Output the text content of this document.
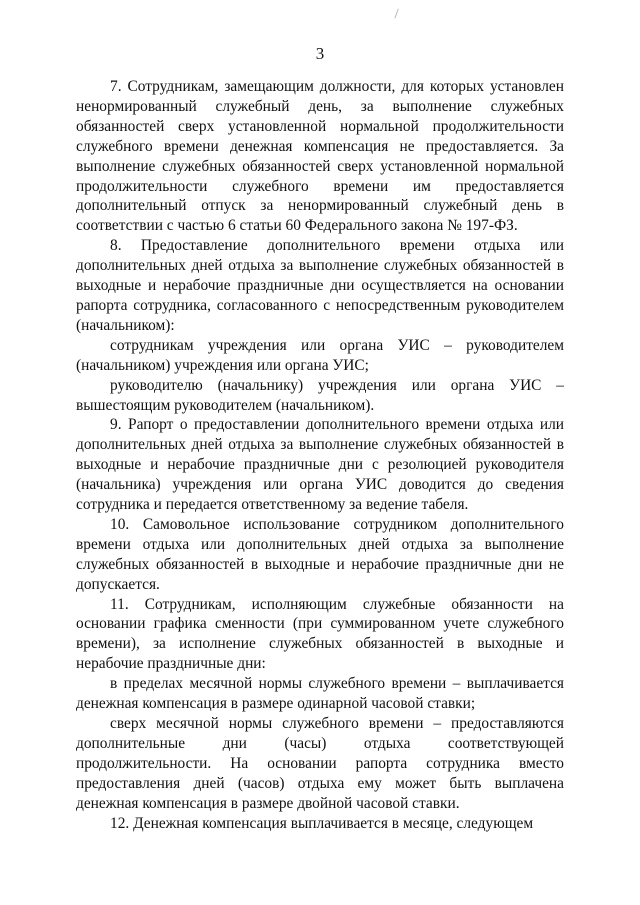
3

7. Сотрудникам, замещающим должности, для которых установлен ненормированный служебный день, за выполнение служебных обязанностей сверх установленной нормальной продолжительности служебного времени денежная компенсация не предоставляется. За выполнение служебных обязанностей сверх установленной нормальной продолжительности служебного времени им предоставляется дополнительный отпуск за ненормированный служебный день в соответствии с частью 6 статьи 60 Федерального закона № 197-ФЗ.

8. Предоставление дополнительного времени отдыха или дополнительных дней отдыха за выполнение служебных обязанностей в выходные и нерабочие праздничные дни осуществляется на основании рапорта сотрудника, согласованного с непосредственным руководителем (начальником):

сотрудникам учреждения или органа УИС – руководителем (начальником) учреждения или органа УИС;

руководителю (начальнику) учреждения или органа УИС – вышестоящим руководителем (начальником).

9. Рапорт о предоставлении дополнительного времени отдыха или дополнительных дней отдыха за выполнение служебных обязанностей в выходные и нерабочие праздничные дни с резолюцией руководителя (начальника) учреждения или органа УИС доводится до сведения сотрудника и передается ответственному за ведение табеля.

10. Самовольное использование сотрудником дополнительного времени отдыха или дополнительных дней отдыха за выполнение служебных обязанностей в выходные и нерабочие праздничные дни не допускается.

11. Сотрудникам, исполняющим служебные обязанности на основании графика сменности (при суммированном учете служебного времени), за исполнение служебных обязанностей в выходные и нерабочие праздничные дни:

в пределах месячной нормы служебного времени – выплачивается денежная компенсация в размере одинарной часовой ставки;

сверх месячной нормы служебного времени – предоставляются дополнительные дни (часы) отдыха соответствующей продолжительности. На основании рапорта сотрудника вместо предоставления дней (часов) отдыха ему может быть выплачена денежная компенсация в размере двойной часовой ставки.

12. Денежная компенсация выплачивается в месяце, следующем
